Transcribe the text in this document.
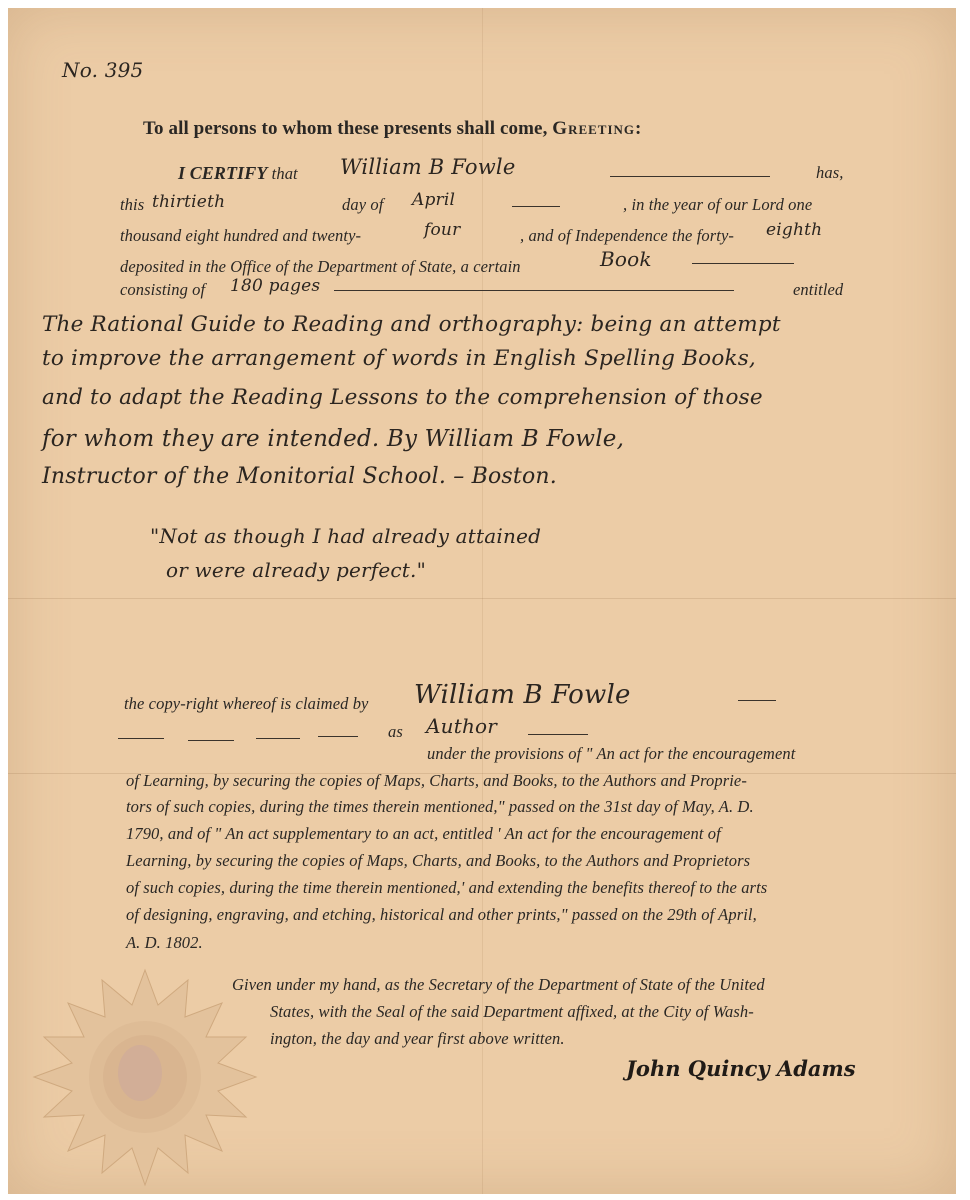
No. 395
To all persons to whom these presents shall come, Greeting:
I CERTIFY that William B Fowle	has,
this thirtieth	day of April	, in the year of our Lord one
thousand eight hundred and twenty-	four	, and of Independence the forty- eighth
deposited in the Office of the Department of State, a certain	Book
consisting of 180 pages	entitled
The Rational Guide to Reading and orthography: being an attempt
to improve the arrangement of words in English Spelling Books,
and to adapt the Reading Lessons to the comprehension of those
for whom they are intended. By William B Fowle,
Instructor of the Monitorial School. – Boston.
"Not as though I had already attained
or were already perfect."
the copy-right whereof is claimed by William B Fowle
as Author
under the provisions of " An act for the encouragement
of Learning, by securing the copies of Maps, Charts, and Books, to the Authors and Proprie-
tors of such copies, during the times therein mentioned," passed on the 31st day of May, A. D.
1790, and of " An act supplementary to an act, entitled ' An act for the encouragement of
Learning, by securing the copies of Maps, Charts, and Books, to the Authors and Proprietors
of such copies, during the time therein mentioned,' and extending the benefits thereof to the arts
of designing, engraving, and etching, historical and other prints," passed on the 29th of April,
A. D. 1802.
Given under my hand, as the Secretary of the Department of State of the United
States, with the Seal of the said Department affixed, at the City of Wash-
ington, the day and year first above written.
John Quincy Adams
